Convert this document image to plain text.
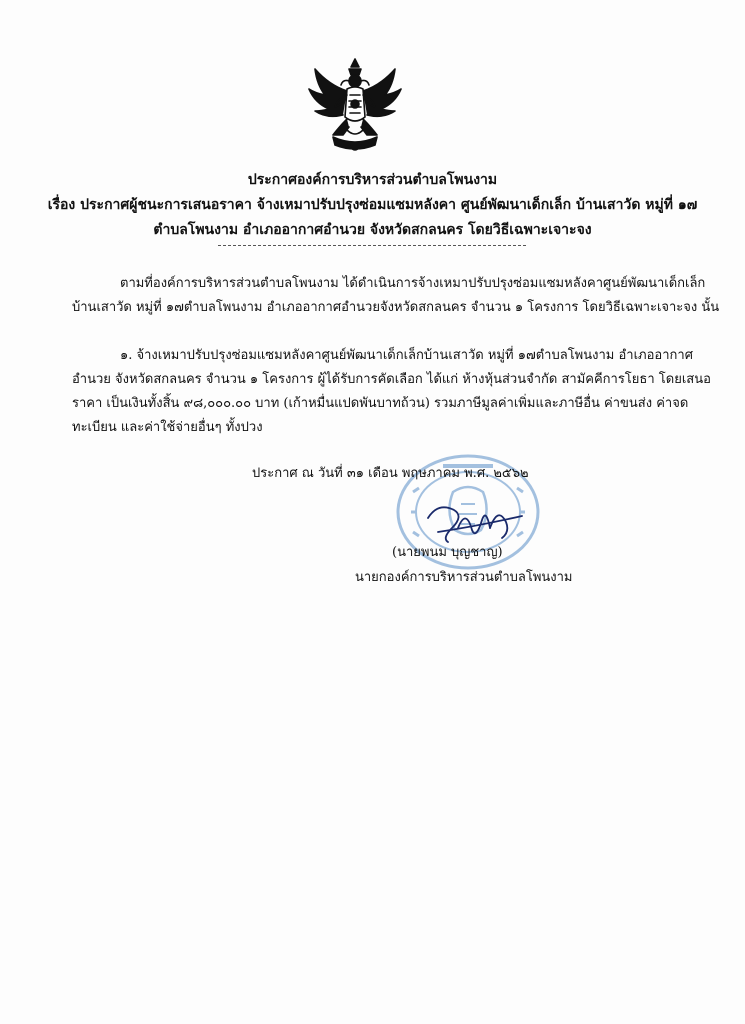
ประกาศองค์การบริหารส่วนตำบลโพนงาม
เรื่อง ประกาศผู้ชนะการเสนอราคา จ้างเหมาปรับปรุงซ่อมแซมหลังคา ศูนย์พัฒนาเด็กเล็ก บ้านเสาวัด หมู่ที่ ๑๗
ตำบลโพนงาม อำเภออากาศอำนวย จังหวัดสกลนคร โดยวิธีเฉพาะเจาะจง
ตามที่องค์การบริหารส่วนตำบลโพนงาม ได้ดำเนินการจ้างเหมาปรับปรุงซ่อมแซมหลังคาศูนย์พัฒนาเด็กเล็ก
บ้านเสาวัด หมู่ที่ ๑๗ตำบลโพนงาม อำเภออากาศอำนวยจังหวัดสกลนคร จำนวน ๑ โครงการ โดยวิธีเฉพาะเจาะจง นั้น
๑. จ้างเหมาปรับปรุงซ่อมแซมหลังคาศูนย์พัฒนาเด็กเล็กบ้านเสาวัด หมู่ที่ ๑๗ตำบลโพนงาม อำเภออากาศ
อำนวย จังหวัดสกลนคร จำนวน ๑ โครงการ ผู้ได้รับการคัดเลือก ได้แก่ ห้างหุ้นส่วนจำกัด สามัคคีการโยธา โดยเสนอ
ราคา เป็นเงินทั้งสิ้น ๙๘,๐๐๐.๐๐ บาท (เก้าหมื่นแปดพันบาทถ้วน) รวมภาษีมูลค่าเพิ่มและภาษีอื่น ค่าขนส่ง ค่าจด
ทะเบียน และค่าใช้จ่ายอื่นๆ ทั้งปวง
ประกาศ ณ วันที่ ๓๑ เดือน พฤษภาคม พ.ศ. ๒๕๖๒
(นายพนม บุญชาญ)
นายกองค์การบริหารส่วนตำบลโพนงาม
